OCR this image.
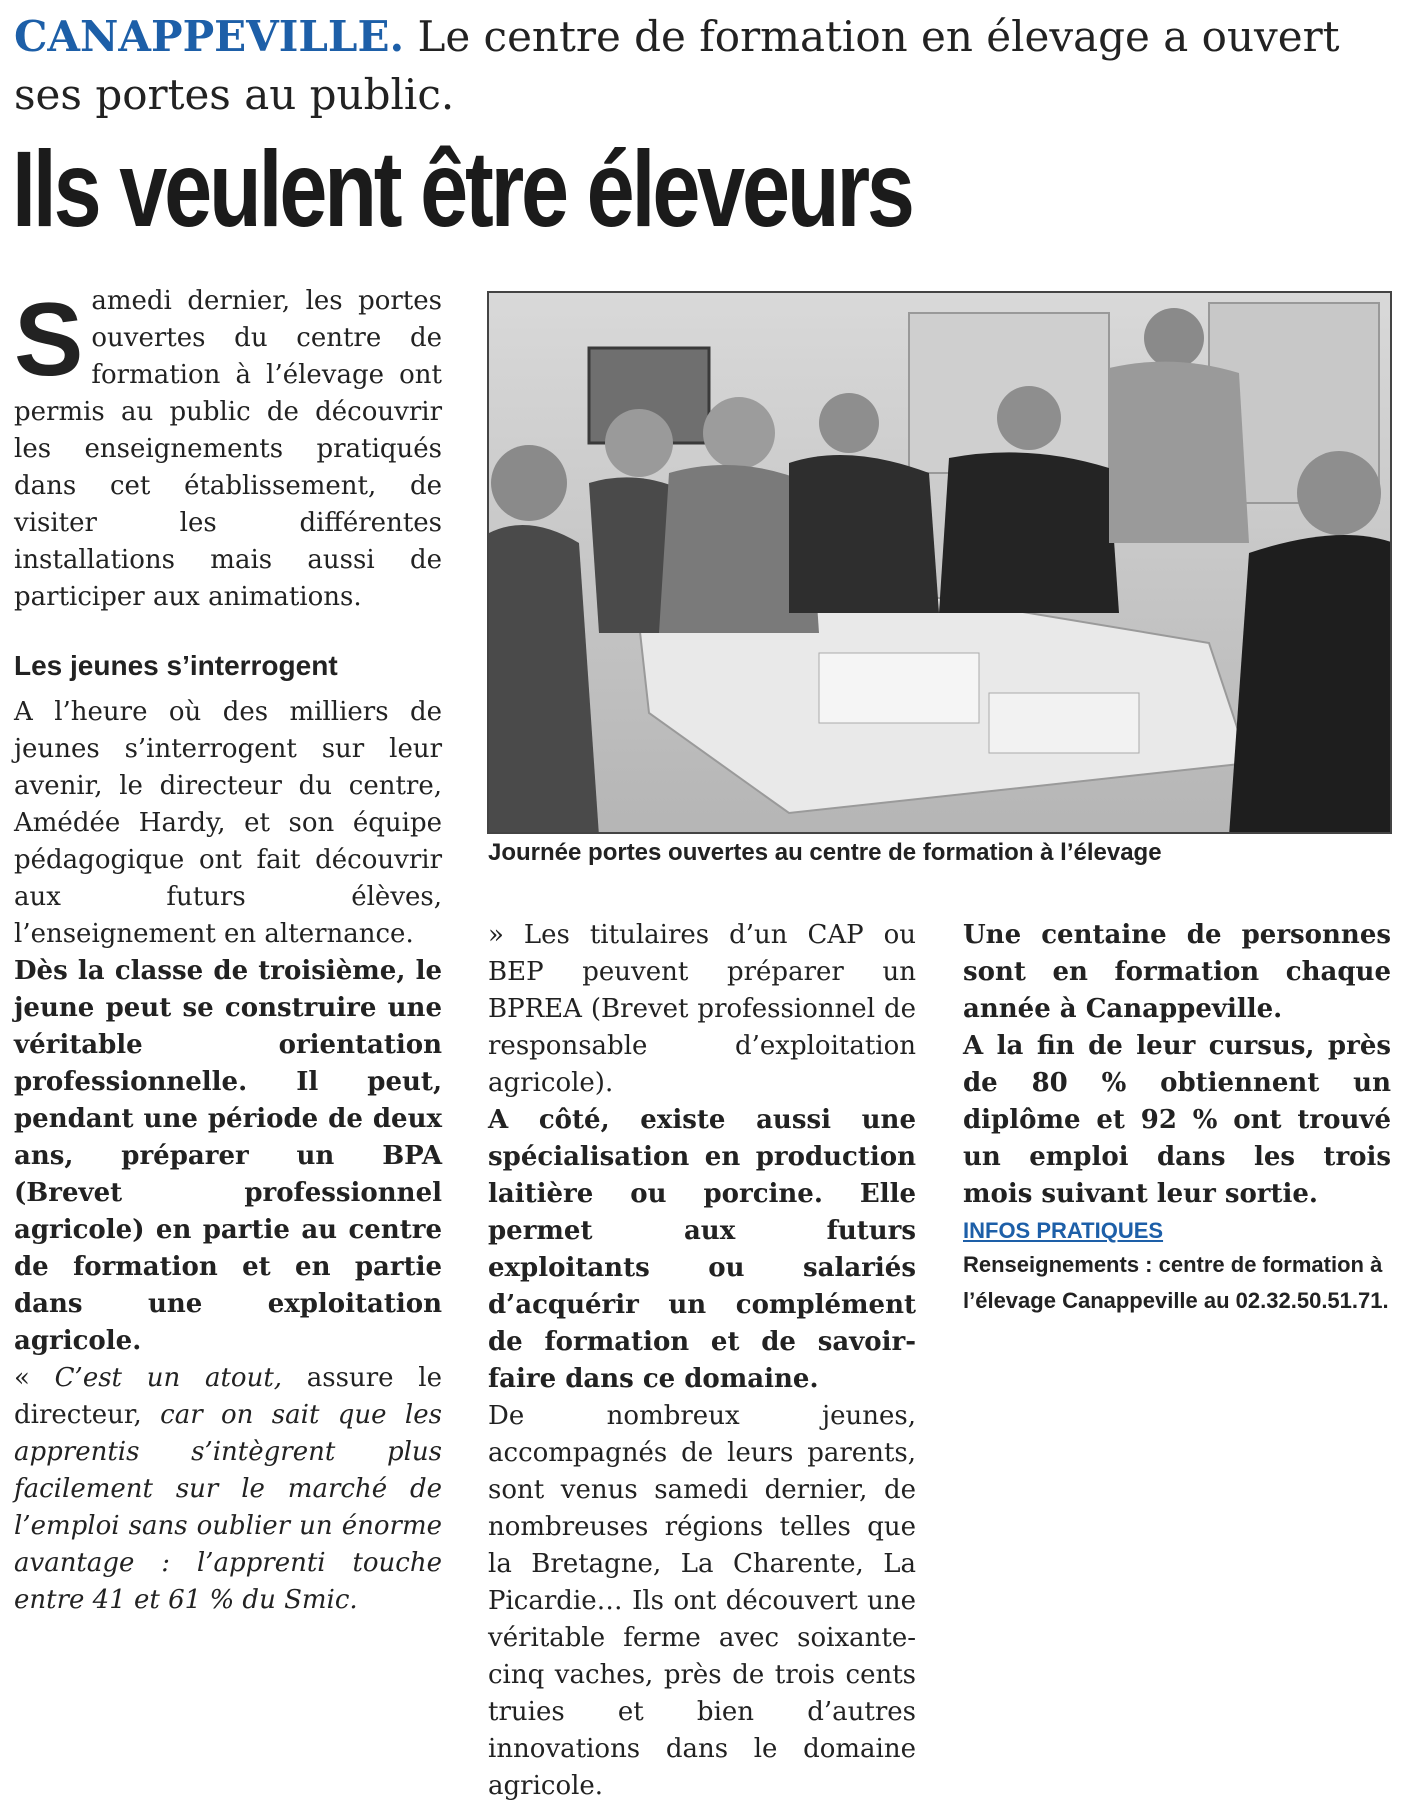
CANAPPEVILLE. Le centre de formation en élevage a ouvert ses portes au public.
Ils veulent être éleveurs

Samedi dernier, les portes ouvertes du centre de formation à l’élevage ont permis au public de découvrir les enseignements pratiqués dans cet établissement, de visiter les différentes installations mais aussi de participer aux animations.

Les jeunes s’interrogent

A l’heure où des milliers de jeunes s’interrogent sur leur avenir, le directeur du centre, Amédée Hardy, et son équipe pédagogique ont fait découvrir aux futurs élèves, l’enseignement en alternance.

Dès la classe de troisième, le jeune peut se construire une véritable orientation professionnelle. Il peut, pendant une période de deux ans, préparer un BPA (Brevet professionnel agricole) en partie au centre de formation et en partie dans une exploitation agricole.

« C’est un atout, assure le directeur, car on sait que les apprentis s’intègrent plus facilement sur le marché de l’emploi sans oublier un énorme avantage : l’apprenti touche entre 41 et 61 % du Smic.

Journée portes ouvertes au centre de formation à l’élevage

» Les titulaires d’un CAP ou BEP peuvent préparer un BPREA (Brevet professionnel de responsable d’exploitation agricole).

A côté, existe aussi une spécialisation en production laitière ou porcine. Elle permet aux futurs exploitants ou salariés d’acquérir un complément de formation et de savoir-faire dans ce domaine.

De nombreux jeunes, accompagnés de leurs parents, sont venus samedi dernier, de nombreuses régions telles que la Bretagne, La Charente, La Picardie… Ils ont découvert une véritable ferme avec soixante-cinq vaches, près de trois cents truies et bien d’autres innovations dans le domaine agricole.

Une centaine de personnes sont en formation chaque année à Canappeville.

A la fin de leur cursus, près de 80 % obtiennent un diplôme et 92 % ont trouvé un emploi dans les trois mois suivant leur sortie.

INFOS PRATIQUES
Renseignements : centre de formation à l’élevage Canappeville au 02.32.50.51.71.
